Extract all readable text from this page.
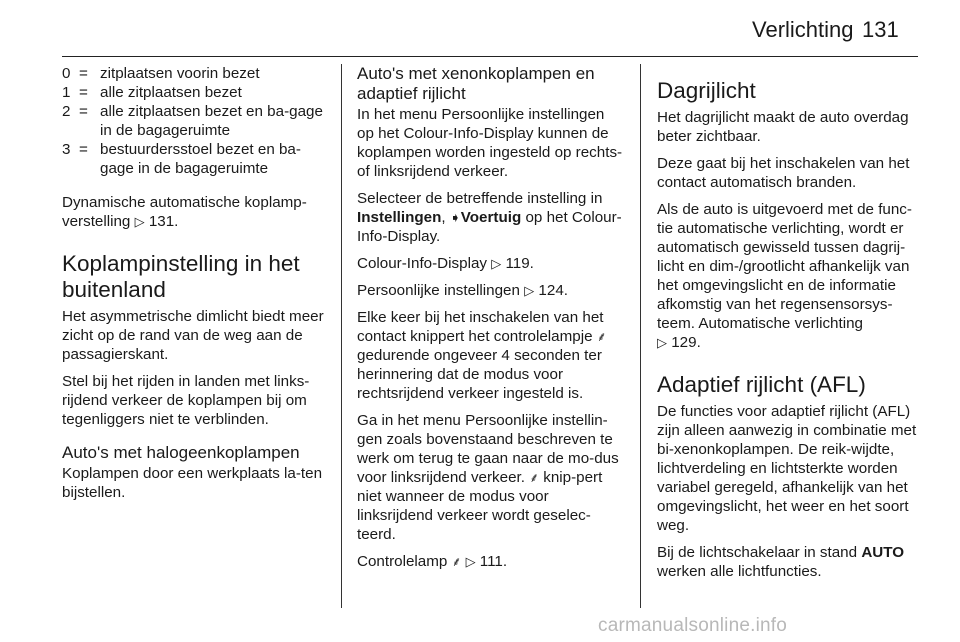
Verlichting 131
0 = zitplaatsen voorin bezet
1 = alle zitplaatsen bezet
2 = alle zitplaatsen bezet en ba-gage in de bagageruimte
3 = bestuurdersstoel bezet en ba-gage in de bagageruimte

Dynamische automatische koplamp-verstelling ▷ 131.

Koplampinstelling in het buitenland

Het asymmetrische dimlicht biedt meer zicht op de rand van de weg aan de passagierskant.

Stel bij het rijden in landen met links-rijdend verkeer de koplampen bij om tegenliggers niet te verblinden.

Auto's met halogeenkoplampen

Koplampen door een werkplaats la-ten bijstellen.

Auto's met xenonkoplampen en adaptief rijlicht

In het menu Persoonlijke instellingen op het Colour-Info-Display kunnen de koplampen worden ingesteld op rechts- of linksrijdend verkeer.

Selecteer de betreffende instelling in Instellingen, ➧Voertuig op het Colour-Info-Display.

Colour-Info-Display ▷ 119.

Persoonlijke instellingen ▷ 124.

Elke keer bij het inschakelen van het contact knippert het controlelampje ⸙ gedurende ongeveer 4 seconden ter herinnering dat de modus voor rechtsrijdend verkeer ingesteld is.

Ga in het menu Persoonlijke instellin-gen zoals bovenstaand beschreven te werk om terug te gaan naar de mo-dus voor linksrijdend verkeer. ⸙ knip-pert niet wanneer de modus voor linksrijdend verkeer wordt geselec-teerd.

Controlelamp ⸙ ▷ 111.

Dagrijlicht

Het dagrijlicht maakt de auto overdag beter zichtbaar.

Deze gaat bij het inschakelen van het contact automatisch branden.

Als de auto is uitgevoerd met de func-tie automatische verlichting, wordt er automatisch gewisseld tussen dagrij-licht en dim-/grootlicht afhankelijk van het omgevingslicht en de informatie afkomstig van het regensensorsys-teem. Automatische verlichting
▷ 129.

Adaptief rijlicht (AFL)

De functies voor adaptief rijlicht (AFL) zijn alleen aanwezig in combinatie met bi-xenonkoplampen. De reik-wijdte, lichtverdeling en lichtsterkte worden variabel geregeld, afhankelijk van het omgevingslicht, het weer en het soort weg.

Bij de lichtschakelaar in stand AUTO werken alle lichtfuncties.

carmanualsonline.info
